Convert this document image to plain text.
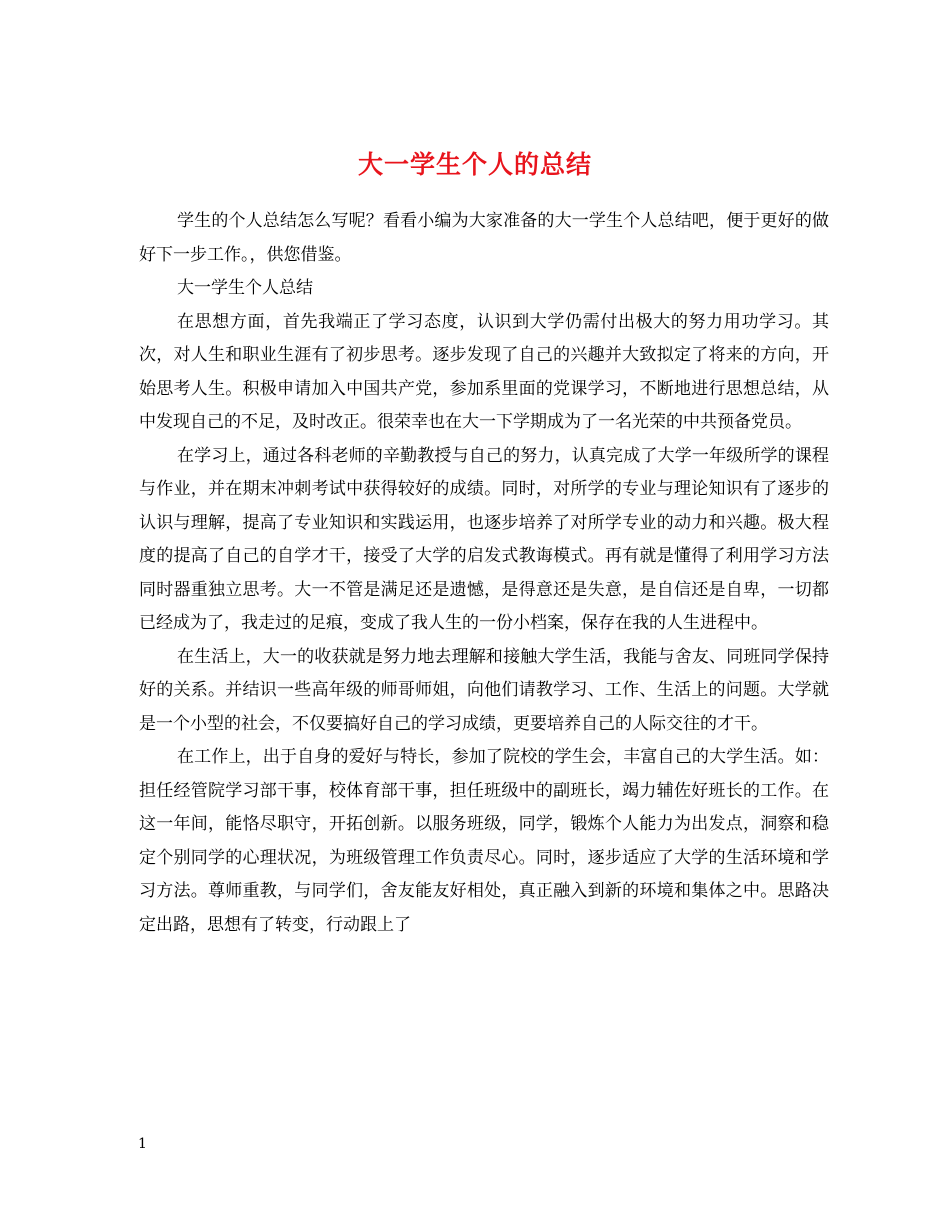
大一学生个人的总结

学生的个人总结怎么写呢？看看小编为大家准备的大一学生个人总结吧，便于更好的做好下一步工作。，供您借鉴。

大一学生个人总结

在思想方面，首先我端正了学习态度，认识到大学仍需付出极大的努力用功学习。其次，对人生和职业生涯有了初步思考。逐步发现了自己的兴趣并大致拟定了将来的方向，开始思考人生。积极申请加入中国共产党，参加系里面的党课学习，不断地进行思想总结，从中发现自己的不足，及时改正。很荣幸也在大一下学期成为了一名光荣的中共预备党员。

在学习上，通过各科老师的辛勤教授与自己的努力，认真完成了大学一年级所学的课程与作业，并在期末冲刺考试中获得较好的成绩。同时，对所学的专业与理论知识有了逐步的认识与理解，提高了专业知识和实践运用，也逐步培养了对所学专业的动力和兴趣。极大程度的提高了自己的自学才干，接受了大学的启发式教诲模式。再有就是懂得了利用学习方法同时器重独立思考。大一不管是满足还是遗憾，是得意还是失意，是自信还是自卑，一切都已经成为了，我走过的足痕，变成了我人生的一份小档案，保存在我的人生进程中。

在生活上，大一的收获就是努力地去理解和接触大学生活，我能与舍友、同班同学保持好的关系。并结识一些高年级的师哥师姐，向他们请教学习、工作、生活上的问题。大学就是一个小型的社会，不仅要搞好自己的学习成绩，更要培养自己的人际交往的才干。

在工作上，出于自身的爱好与特长，参加了院校的学生会，丰富自己的大学生活。如：担任经管院学习部干事，校体育部干事，担任班级中的副班长，竭力辅佐好班长的工作。在这一年间，能恪尽职守，开拓创新。以服务班级，同学，锻炼个人能力为出发点，洞察和稳定个别同学的心理状况，为班级管理工作负责尽心。同时，逐步适应了大学的生活环境和学习方法。尊师重教，与同学们，舍友能友好相处，真正融入到新的环境和集体之中。思路决定出路，思想有了转变，行动跟上了

1
